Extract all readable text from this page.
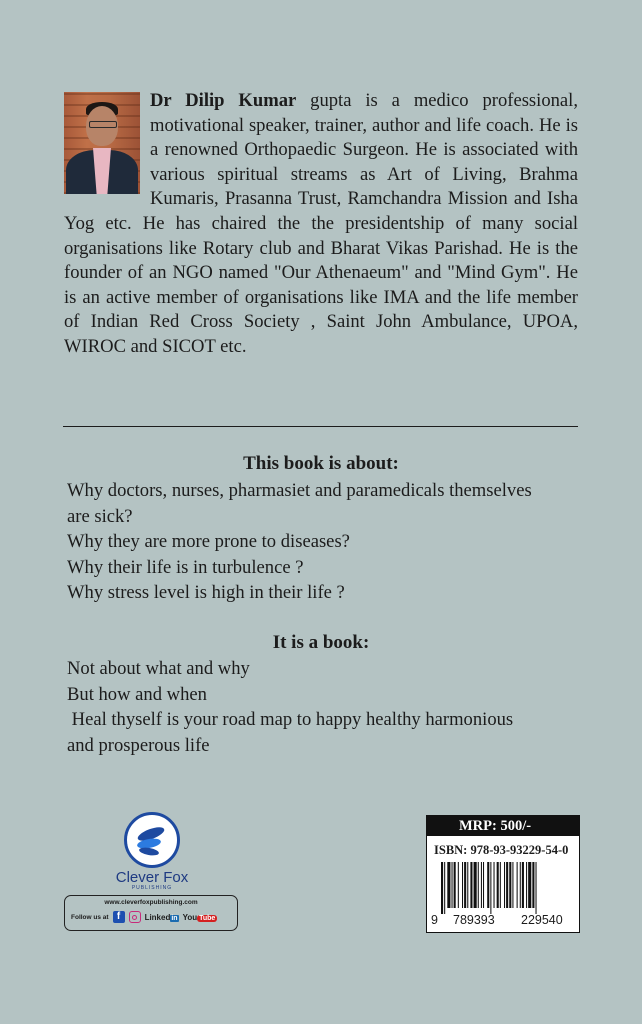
Dr Dilip Kumar gupta is a medico professional, motivational speaker, trainer, author and life coach. He is a renowned Orthopaedic Surgeon. He is associated with various spiritual streams as Art of Living, Brahma Kumaris, Prasanna Trust, Ramchandra Mission and Isha Yog etc. He has chaired the the presidentship of many social organisations like Rotary club and Bharat Vikas Parishad. He is the founder of an NGO named "Our Athenaeum" and "Mind Gym". He is an active member of organisations like IMA and the life member of Indian Red Cross Society , Saint John Ambulance, UPOA, WIROC and SICOT etc.

This book is about:
Why doctors, nurses, pharmasiet and paramedicals themselves
are sick?
Why they are more prone to diseases?
Why their life is in turbulence ?
Why stress level is high in their life ?
It is a book:
Not about what and why
But how and when
Heal thyself is your road map to happy healthy harmonious
and prosperous life
Clever Fox
PUBLISHING
www.cleverfoxpublishing.com
Follow us at f	Linkedin You Tube
MRP: 500/-
ISBN: 978-93-93229-54-0
9 789393 229540
